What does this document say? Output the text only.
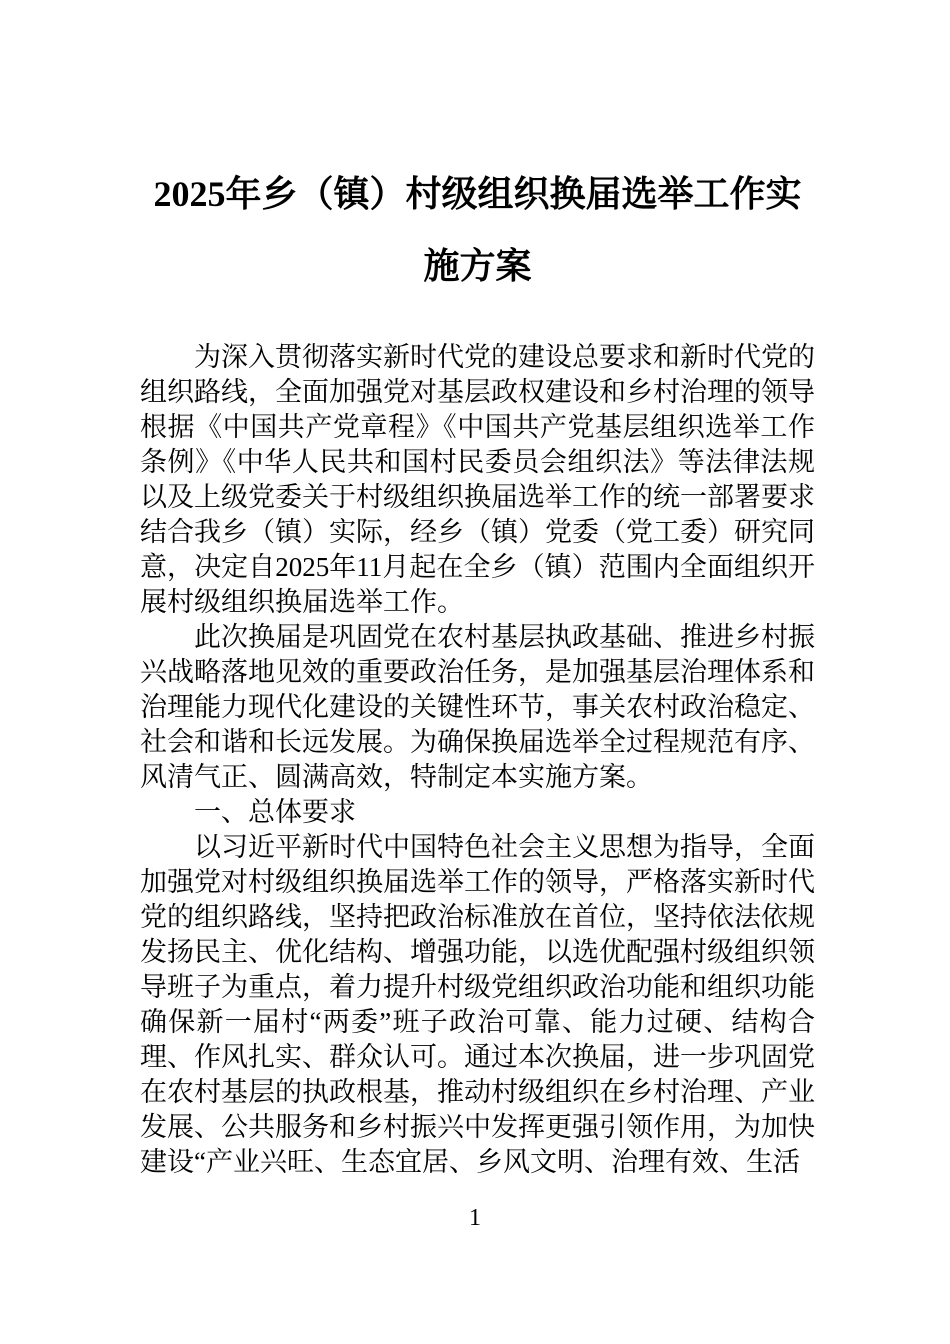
2025年乡（镇）村级组织换届选举工作实施方案

为深入贯彻落实新时代党的建设总要求和新时代党的组织路线，全面加强党对基层政权建设和乡村治理的领导根据《中国共产党章程》《中国共产党基层组织选举工作条例》《中华人民共和国村民委员会组织法》等法律法规以及上级党委关于村级组织换届选举工作的统一部署要求结合我乡（镇）实际，经乡（镇）党委（党工委）研究同意，决定自2025年11月起在全乡（镇）范围内全面组织开展村级组织换届选举工作。

此次换届是巩固党在农村基层执政基础、推进乡村振兴战略落地见效的重要政治任务，是加强基层治理体系和治理能力现代化建设的关键性环节，事关农村政治稳定、社会和谐和长远发展。为确保换届选举全过程规范有序、风清气正、圆满高效，特制定本实施方案。

一、总体要求

以习近平新时代中国特色社会主义思想为指导，全面加强党对村级组织换届选举工作的领导，严格落实新时代党的组织路线，坚持把政治标准放在首位，坚持依法依规发扬民主、优化结构、增强功能，以选优配强村级组织领导班子为重点，着力提升村级党组织政治功能和组织功能确保新一届村“两委”班子政治可靠、能力过硬、结构合理、作风扎实、群众认可。通过本次换届，进一步巩固党在农村基层的执政根基，推动村级组织在乡村治理、产业发展、公共服务和乡村振兴中发挥更强引领作用，为加快建设“产业兴旺、生态宜居、乡风文明、治理有效、生活

1
